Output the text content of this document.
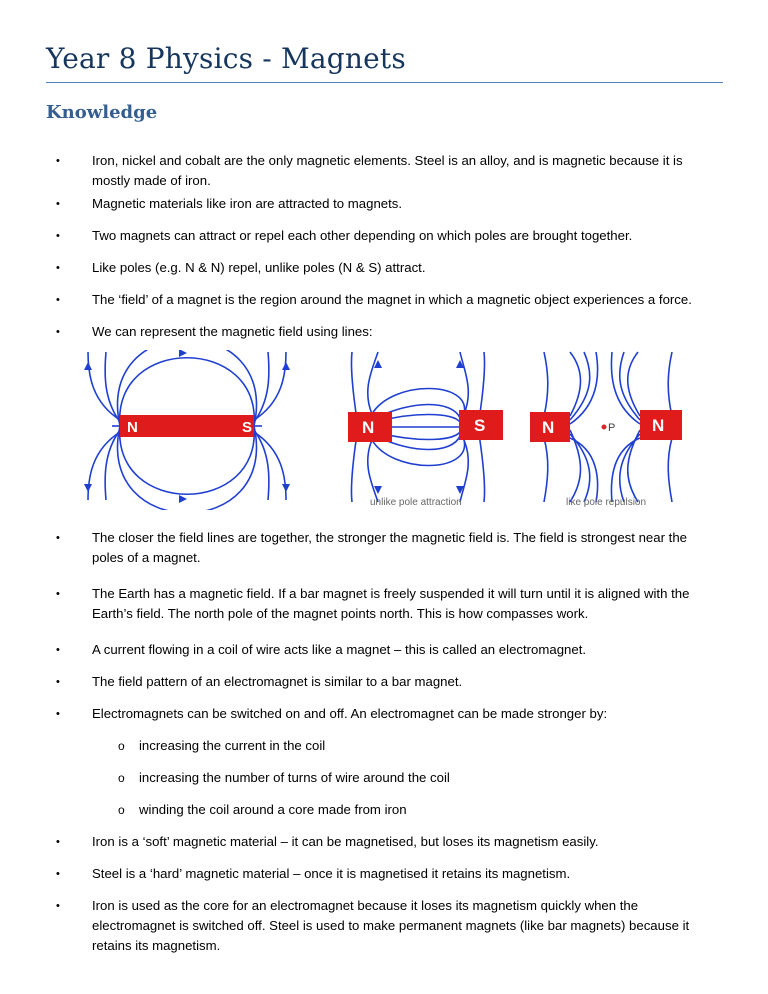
Year 8 Physics - Magnets
Knowledge

• Iron, nickel and cobalt are the only magnetic elements. Steel is an alloy, and is magnetic because it is mostly made of iron.

• Magnetic materials like iron are attracted to magnets.

• Two magnets can attract or repel each other depending on which poles are brought together.

• Like poles (e.g. N & N) repel, unlike poles (N & S) attract.

• The ‘field’ of a magnet is the region around the magnet in which a magnetic object experiences a force.

• We can represent the magnetic field using lines:

N	S	N	S
unlike pole attraction
N	N
P
like pole repulsion

• The closer the field lines are together, the stronger the magnetic field is. The field is strongest near the poles of a magnet.

• The Earth has a magnetic field. If a bar magnet is freely suspended it will turn until it is aligned with the Earth’s field. The north pole of the magnet points north. This is how compasses work.

• A current flowing in a coil of wire acts like a magnet – this is called an electromagnet.

• The field pattern of an electromagnet is similar to a bar magnet.

• Electromagnets can be switched on and off. An electromagnet can be made stronger by:

o increasing the current in the coil

o increasing the number of turns of wire around the coil

o winding the coil around a core made from iron

• Iron is a ‘soft’ magnetic material – it can be magnetised, but loses its magnetism easily.

• Steel is a ‘hard’ magnetic material – once it is magnetised it retains its magnetism.

• Iron is used as the core for an electromagnet because it loses its magnetism quickly when the electromagnet is switched off. Steel is used to make permanent magnets (like bar magnets) because it retains its magnetism.
